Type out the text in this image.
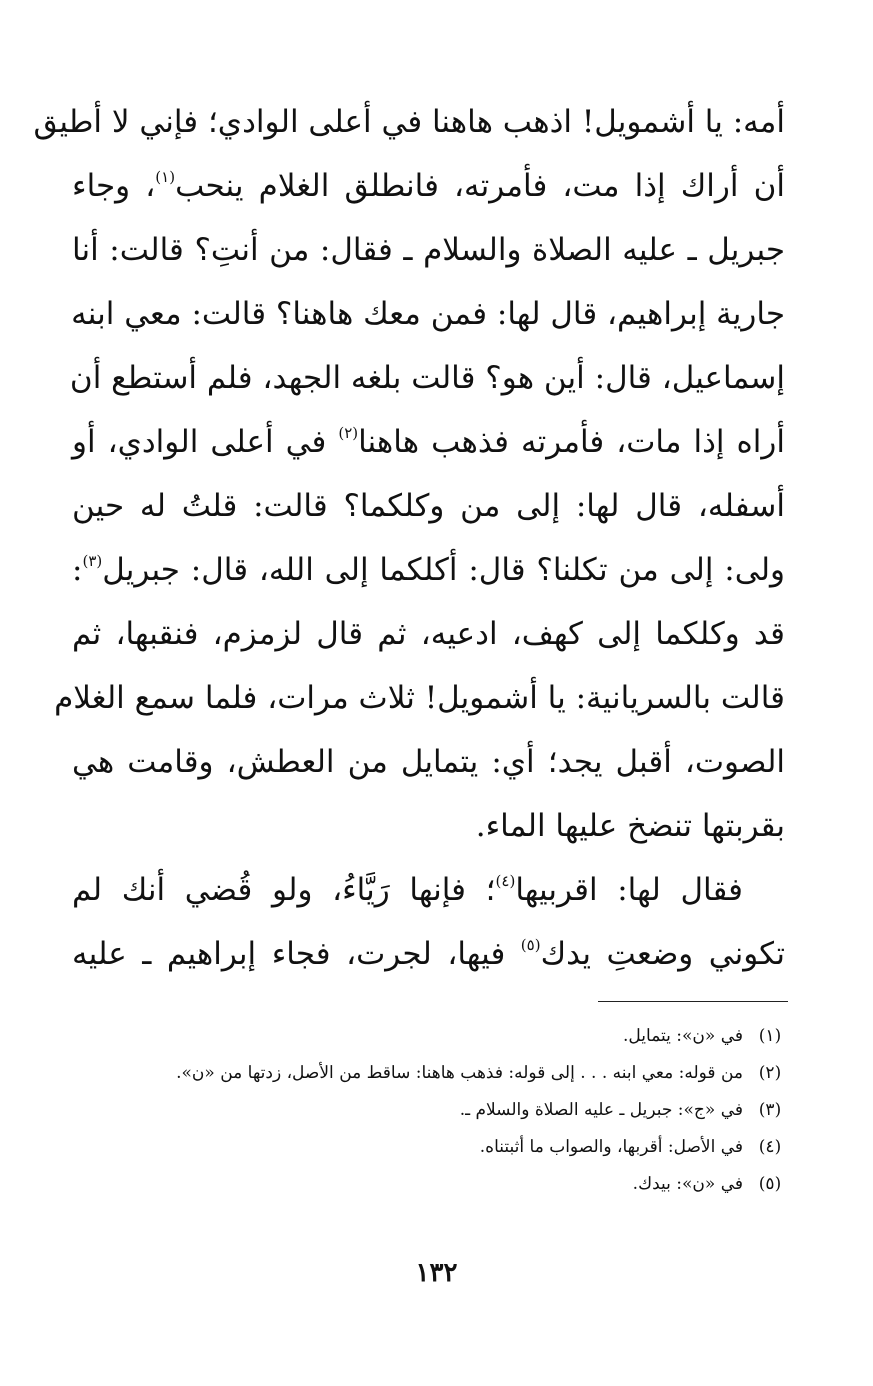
أمه: يا أشمويل! اذهب هاهنا في أعلى الوادي؛ فإني لا أطيق
أن أراك إذا مت، فأمرته، فانطلق الغلام ينحب$^{(١)}$، وجاء
جبريل ـ عليه الصلاة والسلام ـ فقال: من أنتِ؟ قالت: أنا
جارية إبراهيم، قال لها: فمن معك هاهنا؟ قالت: معي ابنه
إسماعيل، قال: أين هو؟ قالت بلغه الجهد، فلم أستطع أن
أراه إذا مات، فأمرته فذهب هاهنا$^{(٢)}$ في أعلى الوادي، أو
أسفله، قال لها: إلى من وكلكما؟ قالت: قلتُ له حين
ولى: إلى من تكلنا؟ قال: أكلكما إلى الله، قال: جبريل$^{(٣)}$:
قد وكلكما إلى كهف، ادعيه، ثم قال لزمزم، فنقبها، ثم
قالت بالسريانية: يا أشمويل! ثلاث مرات، فلما سمع الغلام
الصوت، أقبل يجد؛ أي: يتمايل من العطش، وقامت هي
بقربتها تنضخ عليها الماء.
فقال لها: اقربيها$^{(٤)}$؛ فإنها رَيَّاءُ، ولو قُضي أنك لم
تكوني وضعتِ يدك$^{(٥)}$ فيها، لجرت، فجاء إبراهيم ـ عليه
(١)في «ن»: يتمايل.
(٢)من قوله: معي ابنه . . . إلى قوله: فذهب هاهنا: ساقط من الأصل، زدتها من «ن».
(٣)في «ج»: جبريل ـ عليه الصلاة والسلام ـ.
(٤)في الأصل: أقربها، والصواب ما أثبتناه.
(٥)في «ن»: بيدك.
١٣٢
